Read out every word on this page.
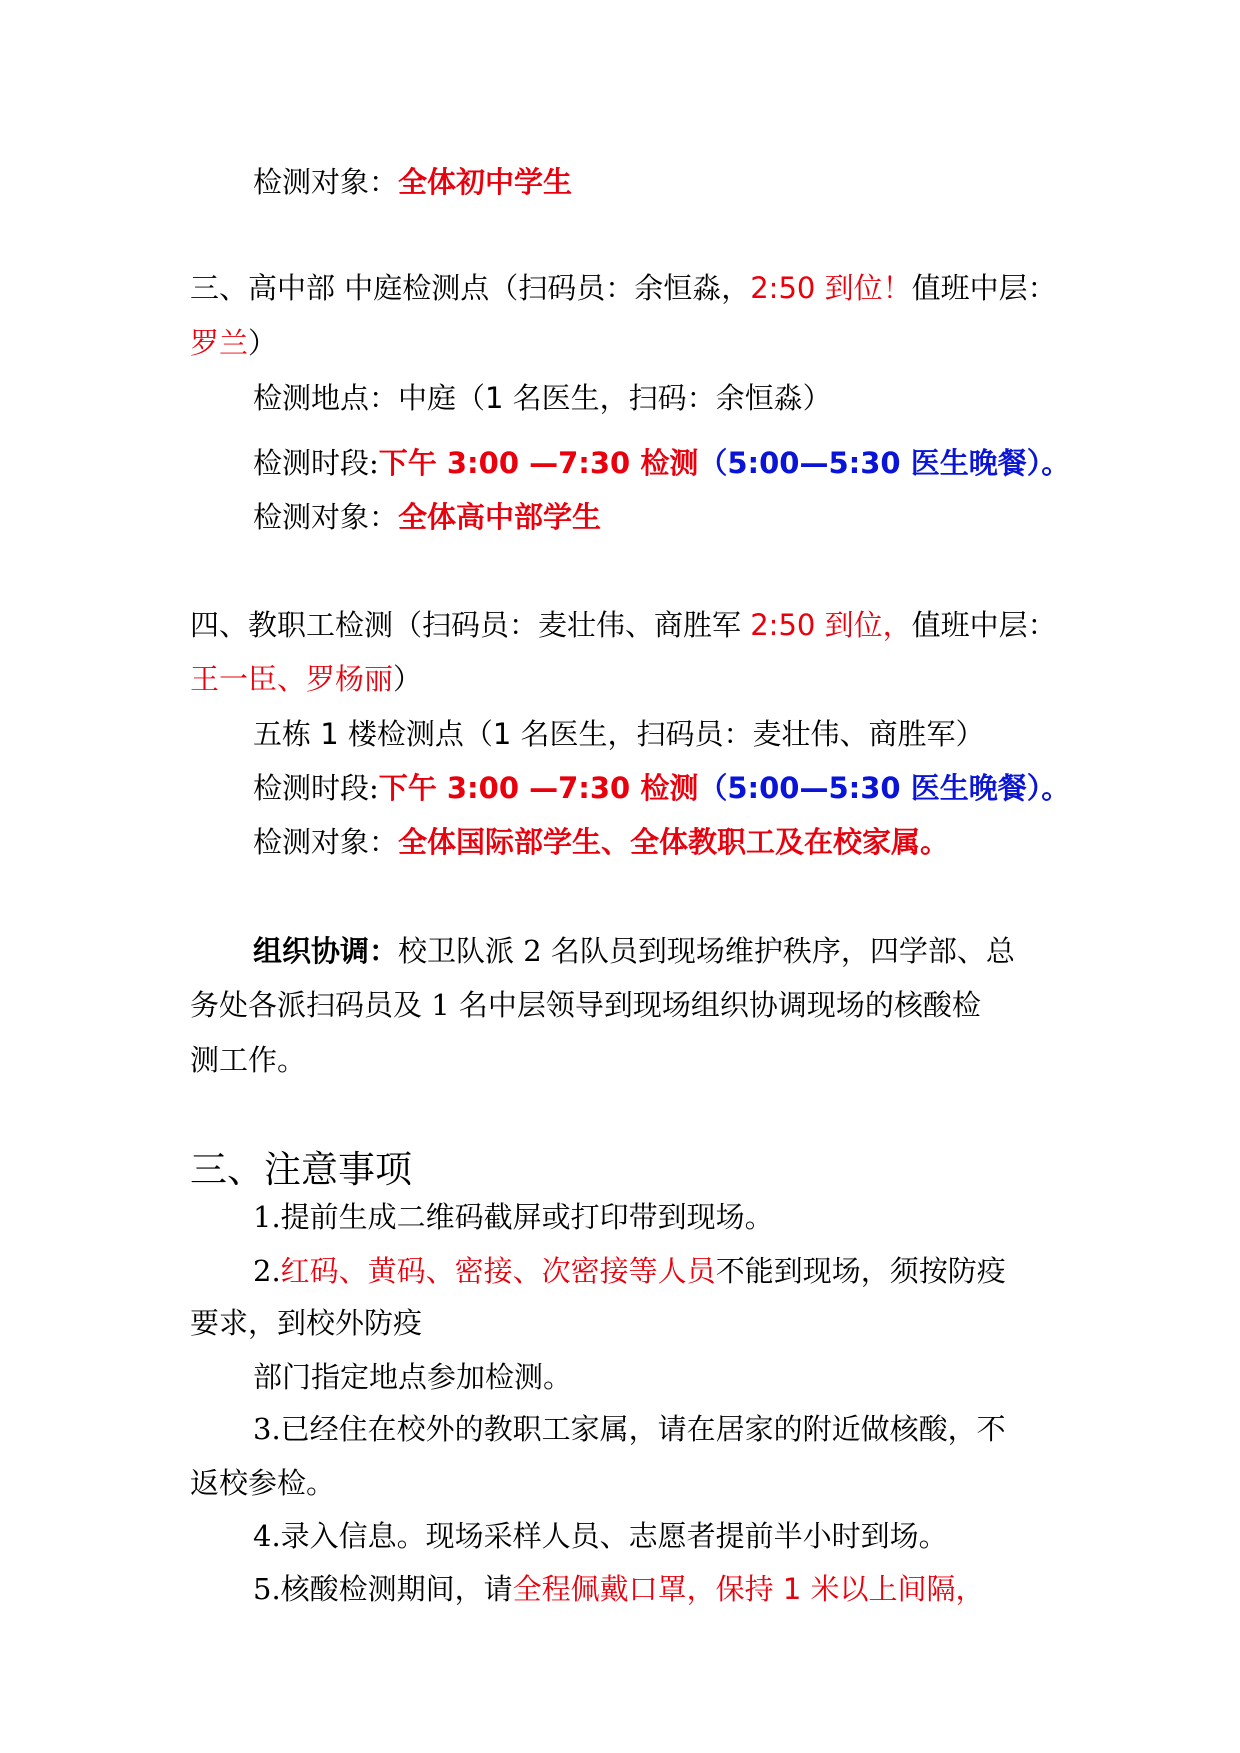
检测对象：全体初中学生
三、高中部 中庭检测点（扫码员：余恒淼，2:50 到位！值班中层：
罗兰）
检测地点：中庭（1 名医生，扫码：余恒淼）
检测时段:下午 3:00 —7:30 检测（5:00—5:30 医生晚餐）。
检测对象：全体高中部学生
四、教职工检测（扫码员：麦壮伟、商胜军 2:50 到位，值班中层：
王一臣、罗杨丽）
五栋 1 楼检测点（1 名医生，扫码员：麦壮伟、商胜军）
检测时段:下午 3:00 —7:30 检测（5:00—5:30 医生晚餐）。
检测对象：全体国际部学生、全体教职工及在校家属。
组织协调：校卫队派 2 名队员到现场维护秩序，四学部、总
务处各派扫码员及 1 名中层领导到现场组织协调现场的核酸检
测工作。
三、注意事项
1.提前生成二维码截屏或打印带到现场。
2.红码、黄码、密接、次密接等人员不能到现场，须按防疫
要求，到校外防疫
部门指定地点参加检测。
3.已经住在校外的教职工家属，请在居家的附近做核酸，不
返校参检。
4.录入信息。现场采样人员、志愿者提前半小时到场。
5.核酸检测期间，请全程佩戴口罩，保持 1 米以上间隔，
